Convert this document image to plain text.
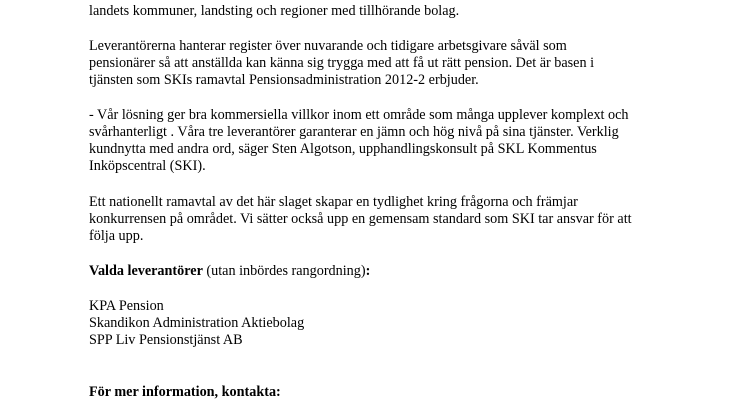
landets kommuner, landsting och regioner med tillhörande bolag.
Leverantörerna hanterar register över nuvarande och tidigare arbetsgivare såväl som
pensionärer så att anställda kan känna sig trygga med att få ut rätt pension. Det är basen i
tjänsten som SKIs ramavtal Pensionsadministration 2012-2 erbjuder.
- Vår lösning ger bra kommersiella villkor inom ett område som många upplever komplext och
svårhanterligt . Våra tre leverantörer garanterar en jämn och hög nivå på sina tjänster. Verklig
kundnytta med andra ord, säger Sten Algotson, upphandlingskonsult på SKL Kommentus
Inköpscentral (SKI).
Ett nationellt ramavtal av det här slaget skapar en tydlighet kring frågorna och främjar
konkurrensen på området. Vi sätter också upp en gemensam standard som SKI tar ansvar för att
följa upp.
Valda leverantörer (utan inbördes rangordning):
KPA Pension
Skandikon Administration Aktiebolag
SPP Liv Pensionstjänst AB
För mer information, kontakta:
